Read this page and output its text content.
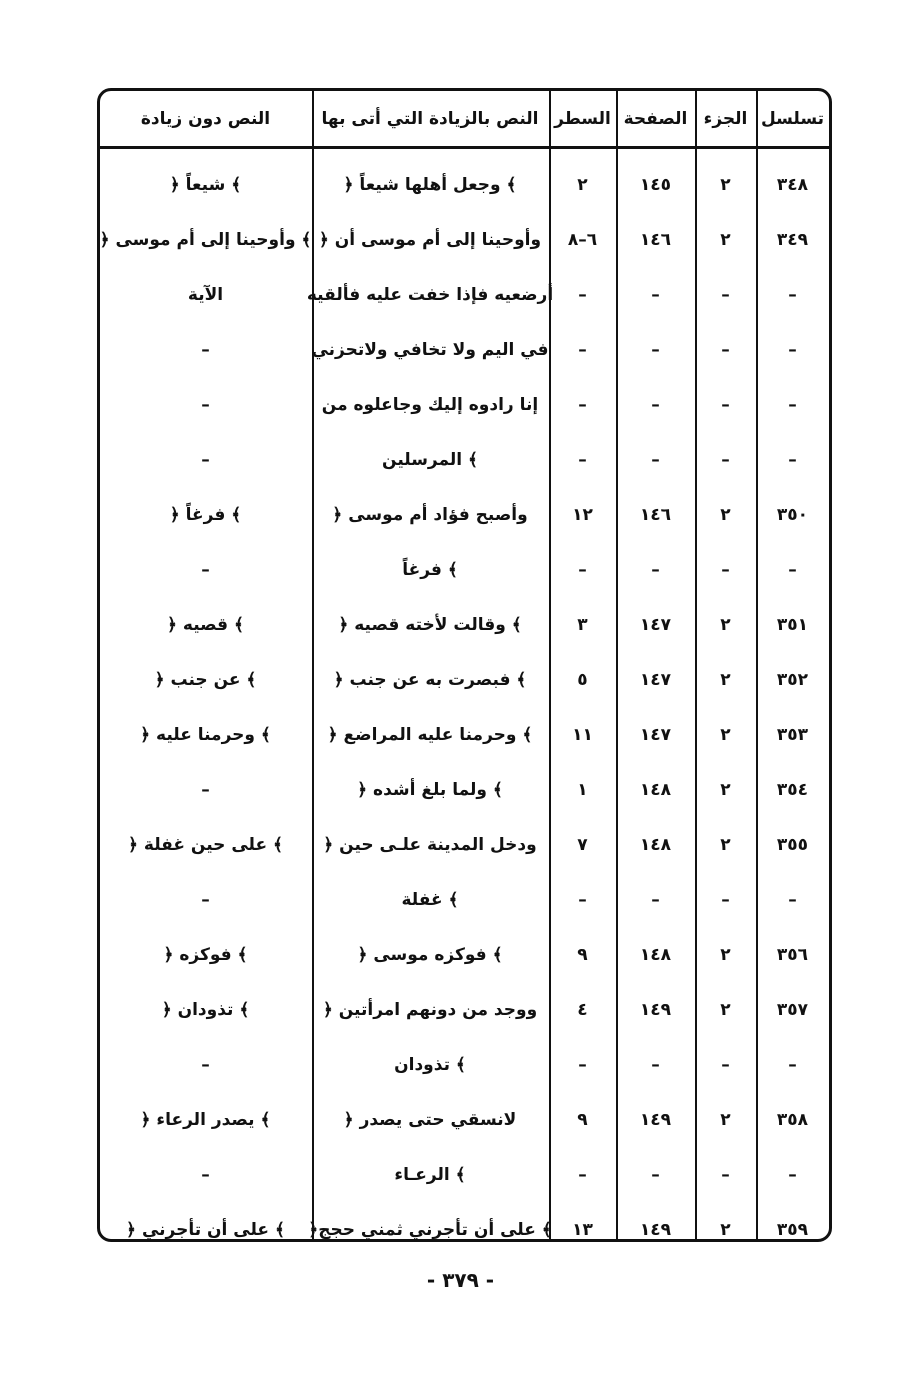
تسلسل
الجزء
الصفحة
السطر
النص بالزيادة التي أتى بها
النص دون زيادة
٣٤٨
٢
١٤٥
٢
﴿ وجعل أهلها شيعاً ﴾
﴿ شيعاً ﴾
٣٤٩
٢
١٤٦
٦–٨
﴿ وأوحينا إلى أم موسى أن
﴿ وأوحينا إلى أم موسى ﴾
–
–
–
–
أرضعيه فإذا خفت عليه فألقيه
الآية
–
–
–
–
في اليم ولا تخافي ولاتحزني
–
–
–
–
–
إنا رادوه إليك وجاعلوه من
–
–
–
–
–
المرسلين ﴾
–
٣٥٠
٢
١٤٦
١٢
﴿ وأصبح فؤاد أم موسى
﴿ فرغاً ﴾
–
–
–
–
فرغاً ﴾
–
٣٥١
٢
١٤٧
٣
﴿ وقالت لأخته قصيه ﴾
﴿ قصيه ﴾
٣٥٢
٢
١٤٧
٥
﴿ فبصرت به عن جنب ﴾
﴿ عن جنب ﴾
٣٥٣
٢
١٤٧
١١
﴿ وحرمنا عليه المراضع ﴾
﴿ وحرمنا عليه ﴾
٣٥٤
٢
١٤٨
١
﴿ ولما بلغ أشده ﴾
–
٣٥٥
٢
١٤٨
٧
﴿ ودخل المدينة علـى حين
﴿ على حين غفلة ﴾
–
–
–
–
غفلة ﴾
–
٣٥٦
٢
١٤٨
٩
﴿ فوكزه موسى ﴾
﴿ فوكزه ﴾
٣٥٧
٢
١٤٩
٤
﴿ ووجد من دونهم امرأتين
﴿ تذودان ﴾
–
–
–
–
تذودان ﴾
–
٣٥٨
٢
١٤٩
٩
﴿ لانسقي حتى يصدر
﴿ يصدر الرعاء ﴾
–
–
–
–
الرعـاء ﴾
–
٣٥٩
٢
١٤٩
١٣
﴿على أن تأجرني ثمني حجج ﴾
﴿ على أن تأجرني ﴾
- ٣٧٩ -
